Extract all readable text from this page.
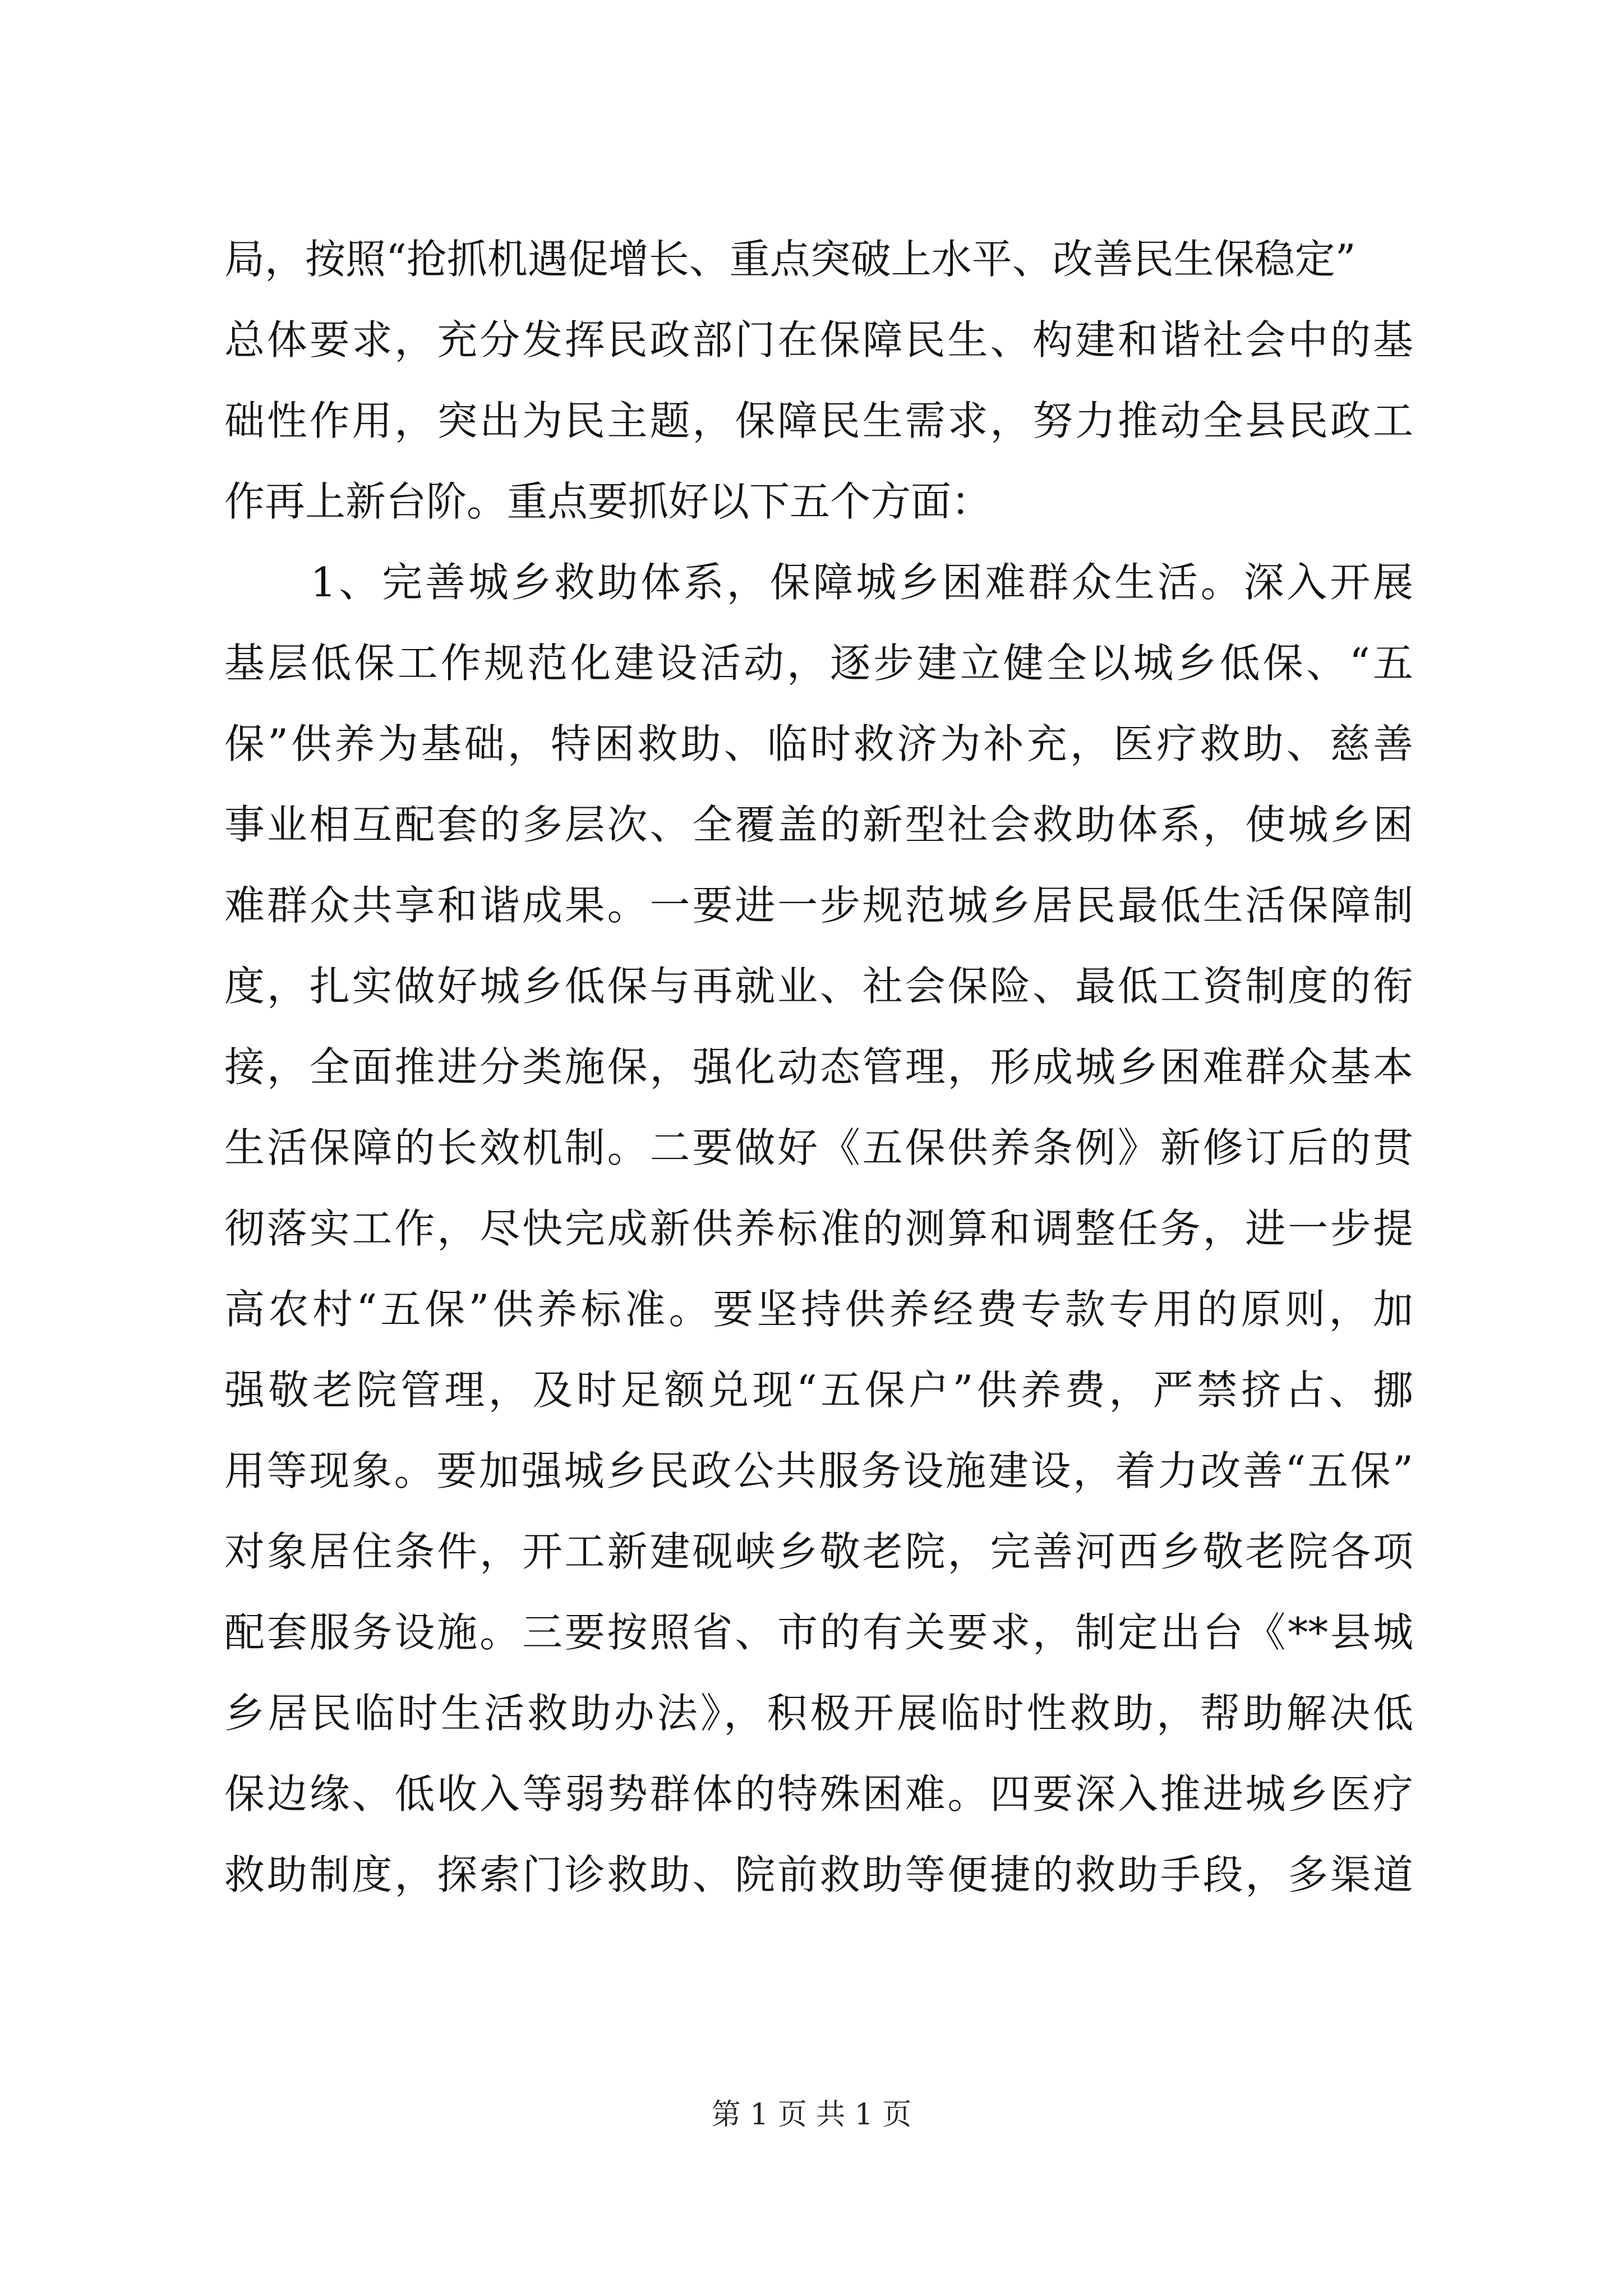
局，按照“抢抓机遇促增长、重点突破上水平、改善民生保稳定”
总体要求，充分发挥民政部门在保障民生、构建和谐社会中的基
础性作用，突出为民主题，保障民生需求，努力推动全县民政工
作再上新台阶。重点要抓好以下五个方面：
　　1、完善城乡救助体系，保障城乡困难群众生活。深入开展
基层低保工作规范化建设活动，逐步建立健全以城乡低保、“五
保”供养为基础，特困救助、临时救济为补充，医疗救助、慈善
事业相互配套的多层次、全覆盖的新型社会救助体系，使城乡困
难群众共享和谐成果。一要进一步规范城乡居民最低生活保障制
度，扎实做好城乡低保与再就业、社会保险、最低工资制度的衔
接，全面推进分类施保，强化动态管理，形成城乡困难群众基本
生活保障的长效机制。二要做好《五保供养条例》新修订后的贯
彻落实工作，尽快完成新供养标准的测算和调整任务，进一步提
高农村“五保”供养标准。要坚持供养经费专款专用的原则，加
强敬老院管理，及时足额兑现“五保户”供养费，严禁挤占、挪
用等现象。要加强城乡民政公共服务设施建设，着力改善“五保”
对象居住条件，开工新建砚峡乡敬老院，完善河西乡敬老院各项
配套服务设施。三要按照省、市的有关要求，制定出台《**县城
乡居民临时生活救助办法》，积极开展临时性救助，帮助解决低
保边缘、低收入等弱势群体的特殊困难。四要深入推进城乡医疗
救助制度，探索门诊救助、院前救助等便捷的救助手段，多渠道
第 1 页 共 1 页
